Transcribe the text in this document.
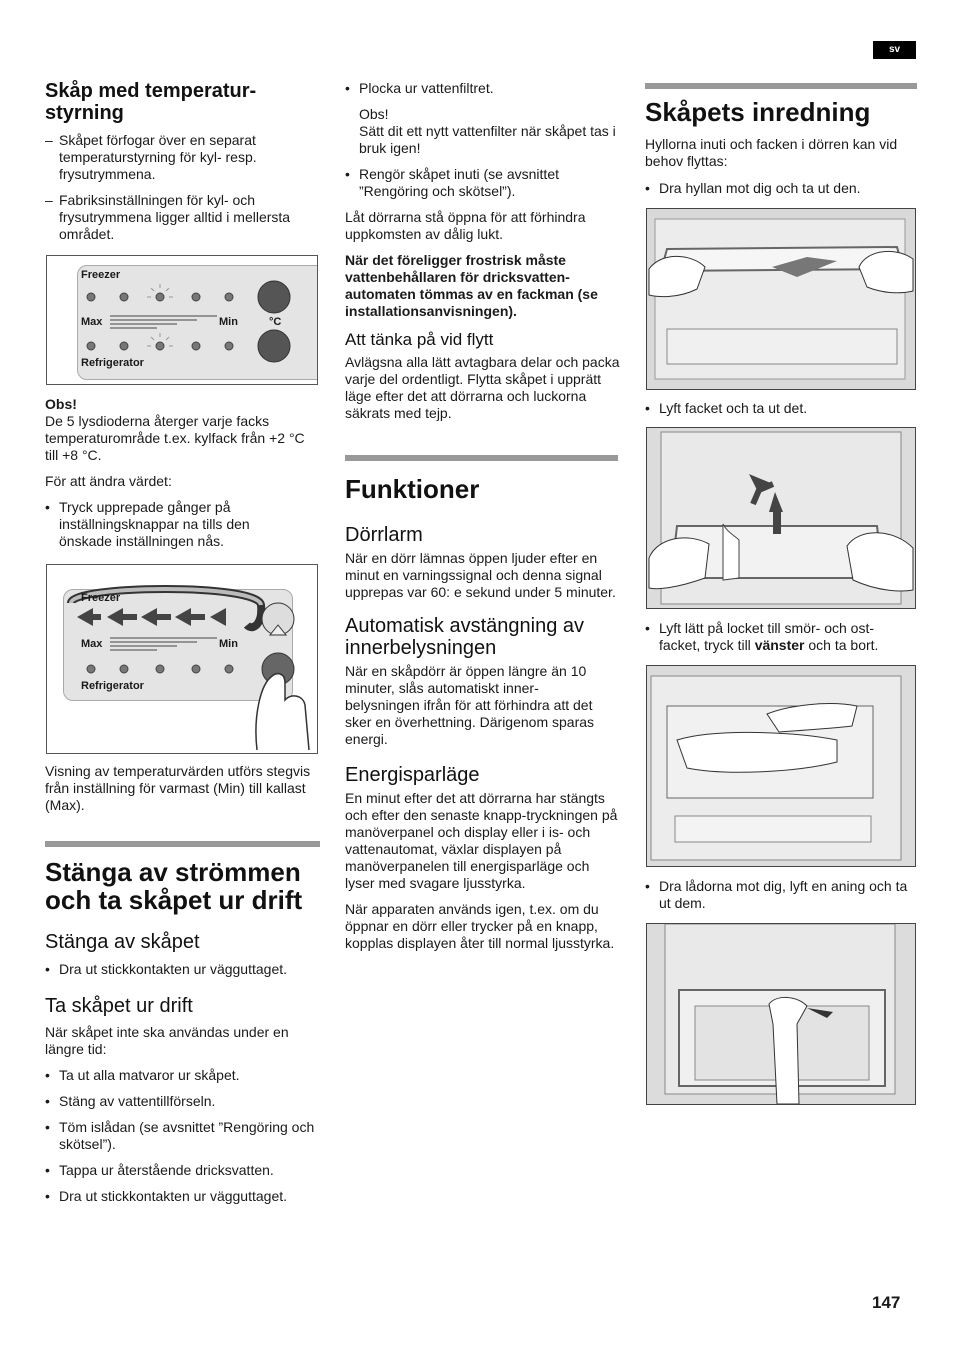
sv
Skåp med temperatur-styrning
– Skåpet förfogar över en separat temperaturstyrning för kyl- resp. frysutrymmena.
– Fabriksinställningen för kyl- och frysutrymmena ligger alltid i mellersta området.
Freezer
Max	Min	°C
Refrigerator

Obs!

De 5 lysdioderna återger varje facks temperaturområde t.ex. kylfack från +2 °C till +8 °C.

För att ändra värdet:

• Tryck upprepade gånger på inställningsknappar na tills den önskade inställningen nås.
Freezer
Max	Min
Refrigerator

Visning av temperaturvärden utförs stegvis från inställning för varmast (Min) till kallast (Max).

Stänga av strömmen och ta skåpet ur drift
Stänga av skåpet
• Dra ut stickkontakten ur vägguttaget.
Ta skåpet ur drift

När skåpet inte ska användas under en längre tid:

• Ta ut alla matvaror ur skåpet.
• Stäng av vattentillförseln.
• Töm islådan (se avsnittet ”Rengöring och skötsel”).
• Tappa ur återstående dricksvatten.
• Dra ut stickkontakten ur vägguttaget.
• Plocka ur vattenfiltret.

Obs!

Sätt dit ett nytt vattenfilter när skåpet tas i bruk igen!

• Rengör skåpet inuti (se avsnittet ”Rengöring och skötsel”).

Låt dörrarna stå öppna för att förhindra uppkomsten av dålig lukt.

När det föreligger frostrisk måste vattenbehållaren för dricksvatten-automaten tömmas av en fackman (se installationsanvisningen).

Att tänka på vid flytt

Avlägsna alla lätt avtagbara delar och packa varje del ordentligt. Flytta skåpet i upprätt läge efter det att dörrarna och luckorna säkrats med tejp.

Funktioner
Dörrlarm

När en dörr lämnas öppen ljuder efter en minut en varningssignal och denna signal upprepas var 60: e sekund under 5 minuter.

Automatisk avstängning av innerbelysningen

När en skåpdörr är öppen längre än 10 minuter, slås automatiskt inner-belysningen ifrån för att förhindra att det sker en överhettning. Därigenom sparas energi.

Energisparläge

En minut efter det att dörrarna har stängts och efter den senaste knapp-tryckningen på manöverpanel och display eller i is- och vattenautomat, växlar displayen på manöverpanelen till energisparläge och lyser med svagare ljusstyrka.

När apparaten används igen, t.ex. om du öppnar en dörr eller trycker på en knapp, kopplas displayen åter till normal ljusstyrka.

Skåpets inredning

Hyllorna inuti och facken i dörren kan vid behov flyttas:

• Dra hyllan mot dig och ta ut den.
• Lyft facket och ta ut det.
• Lyft lätt på locket till smör- och ost-facket, tryck till vänster och ta bort.
• Dra lådorna mot dig, lyft en aning och ta ut dem.
147
